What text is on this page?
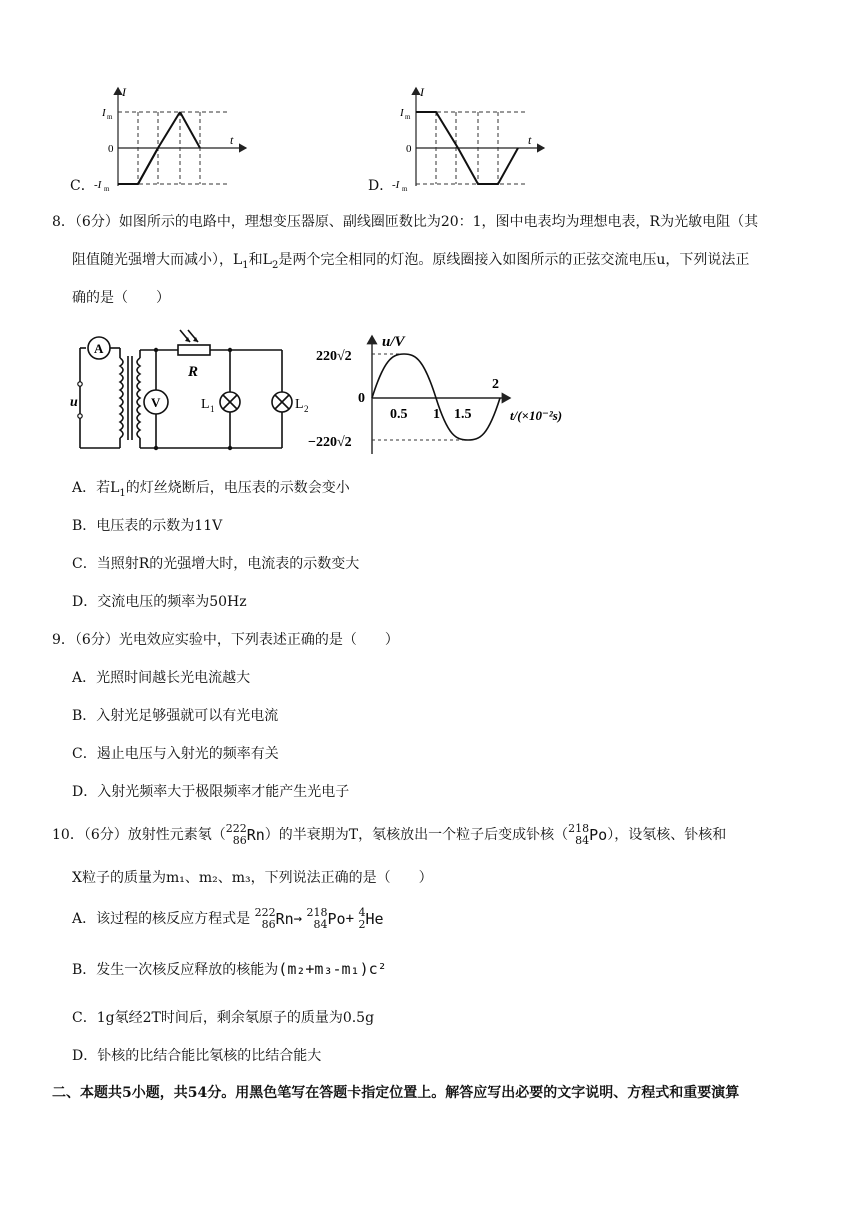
C．
I
t
I m
0
-I m	D．
I
t
I m
0
-I m
8．（6分）如图所示的电路中，理想变压器原、副线圈匝数比为20：1，图中电表均为理想电表，R为光敏电阻（其
阻值随光强增大而减小），$L_1$和$L_2$是两个完全相同的灯泡。原线圈接入如图所示的正弦交流电压u，下列说法正
确的是（　　）
A
V
u
R
L 1	L 2
u/V
220√2
0
−220√2
0.5 1 1.5
2
t/(×10⁻²s)
A．若$L_1$的灯丝烧断后，电压表的示数会变小
B．电压表的示数为11V
C．当照射R的光强增大时，电流表的示数变大
D．交流电压的频率为50Hz
9．（6分）光电效应实验中，下列表述正确的是（　　）
A．光照时间越长光电流越大
B．入射光足够强就可以有光电流
C．遏止电压与入射光的频率有关
D．入射光频率大于极限频率才能产生光电子
10．（6分）放射性元素氡（ 222
86 Rn）的半衰期为T，氡核放出一个粒子后变成钋核（ 218
84 Po），设氡核、钋核和
X粒子的质量为m₁、m₂、m₃，下列说法正确的是（　　）
A．该过程的核反应方程式是 222
86 Rn→ 218
84 Po+ 4
2 He
B．发生一次核反应释放的核能为(m₂+m₃-m₁)c²
C．1g氡经2T时间后，剩余氡原子的质量为0.5g
D．钋核的比结合能比氡核的比结合能大
二、本题共5小题，共54分。用黑色笔写在答题卡指定位置上。解答应写出必要的文字说明、方程式和重要演算
